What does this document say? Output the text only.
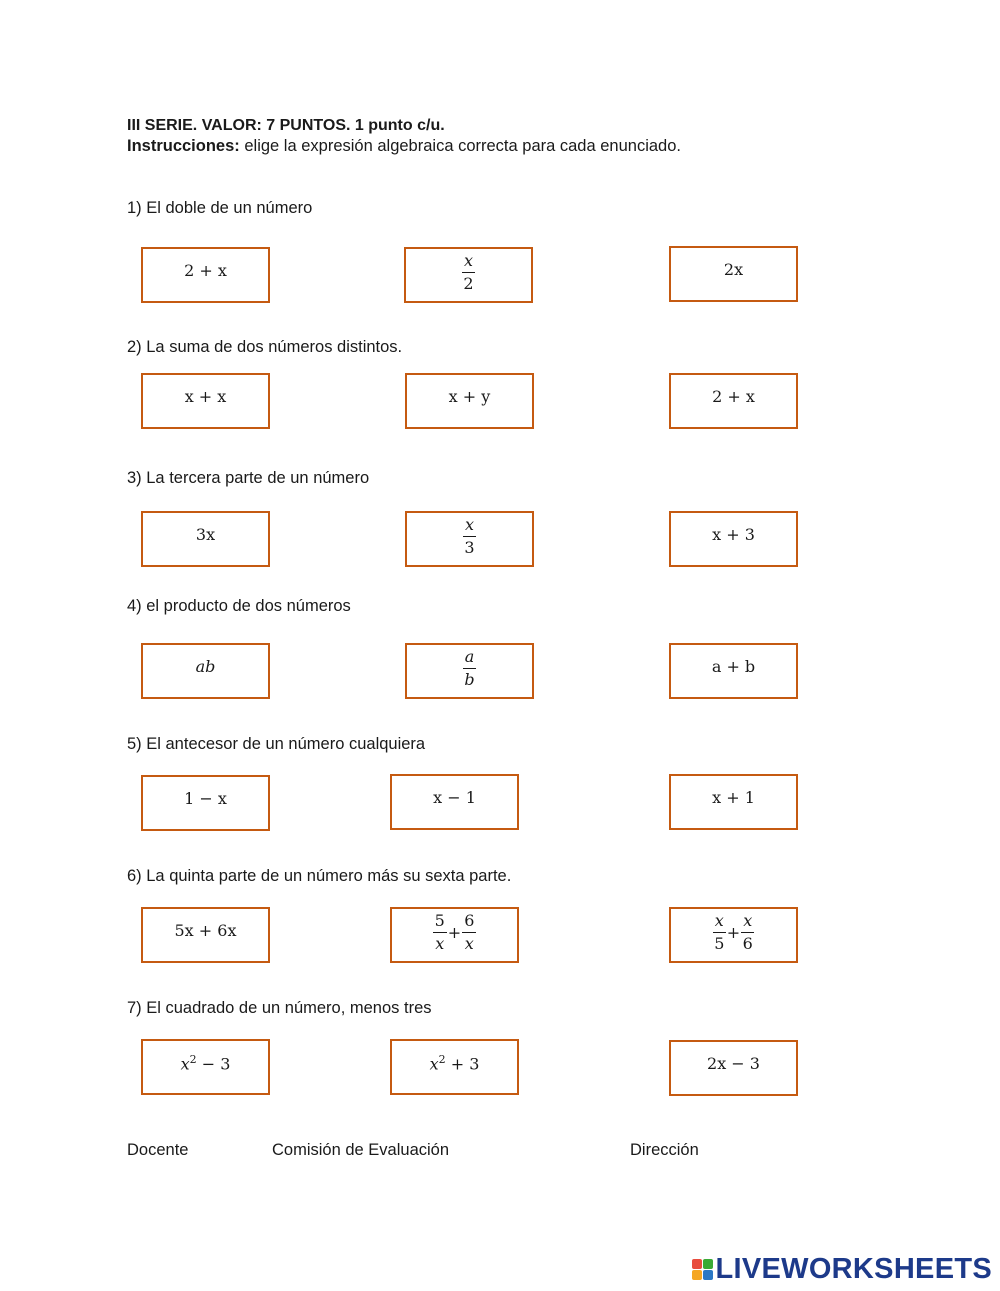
III SERIE. VALOR: 7 PUNTOS. 1 punto c/u.
Instrucciones: elige la expresión algebraica correcta para cada enunciado.
1) El doble de un número
2 + x	$\frac{x}{2}$	2x
2) La suma de dos números distintos.
x + x	x + y	2 + x
3) La tercera parte de un número
3x	$\frac{x}{3}$	x + 3
4) el producto de dos números
ab	$\frac{a}{b}$	a + b
5) El antecesor de un número cualquiera
1 − x	x − 1	x + 1
6) La quinta parte de un número más su sexta parte.
5x + 6x	$\frac{5}{x} + \frac{6}{x}$	$\frac{x}{5} + \frac{x}{6}$
7) El cuadrado de un número, menos tres
$x^2 - 3$	$x^2 + 3$	2x − 3
Docente	Comisión de Evaluación	Dirección
LIVEWORKSHEETS
